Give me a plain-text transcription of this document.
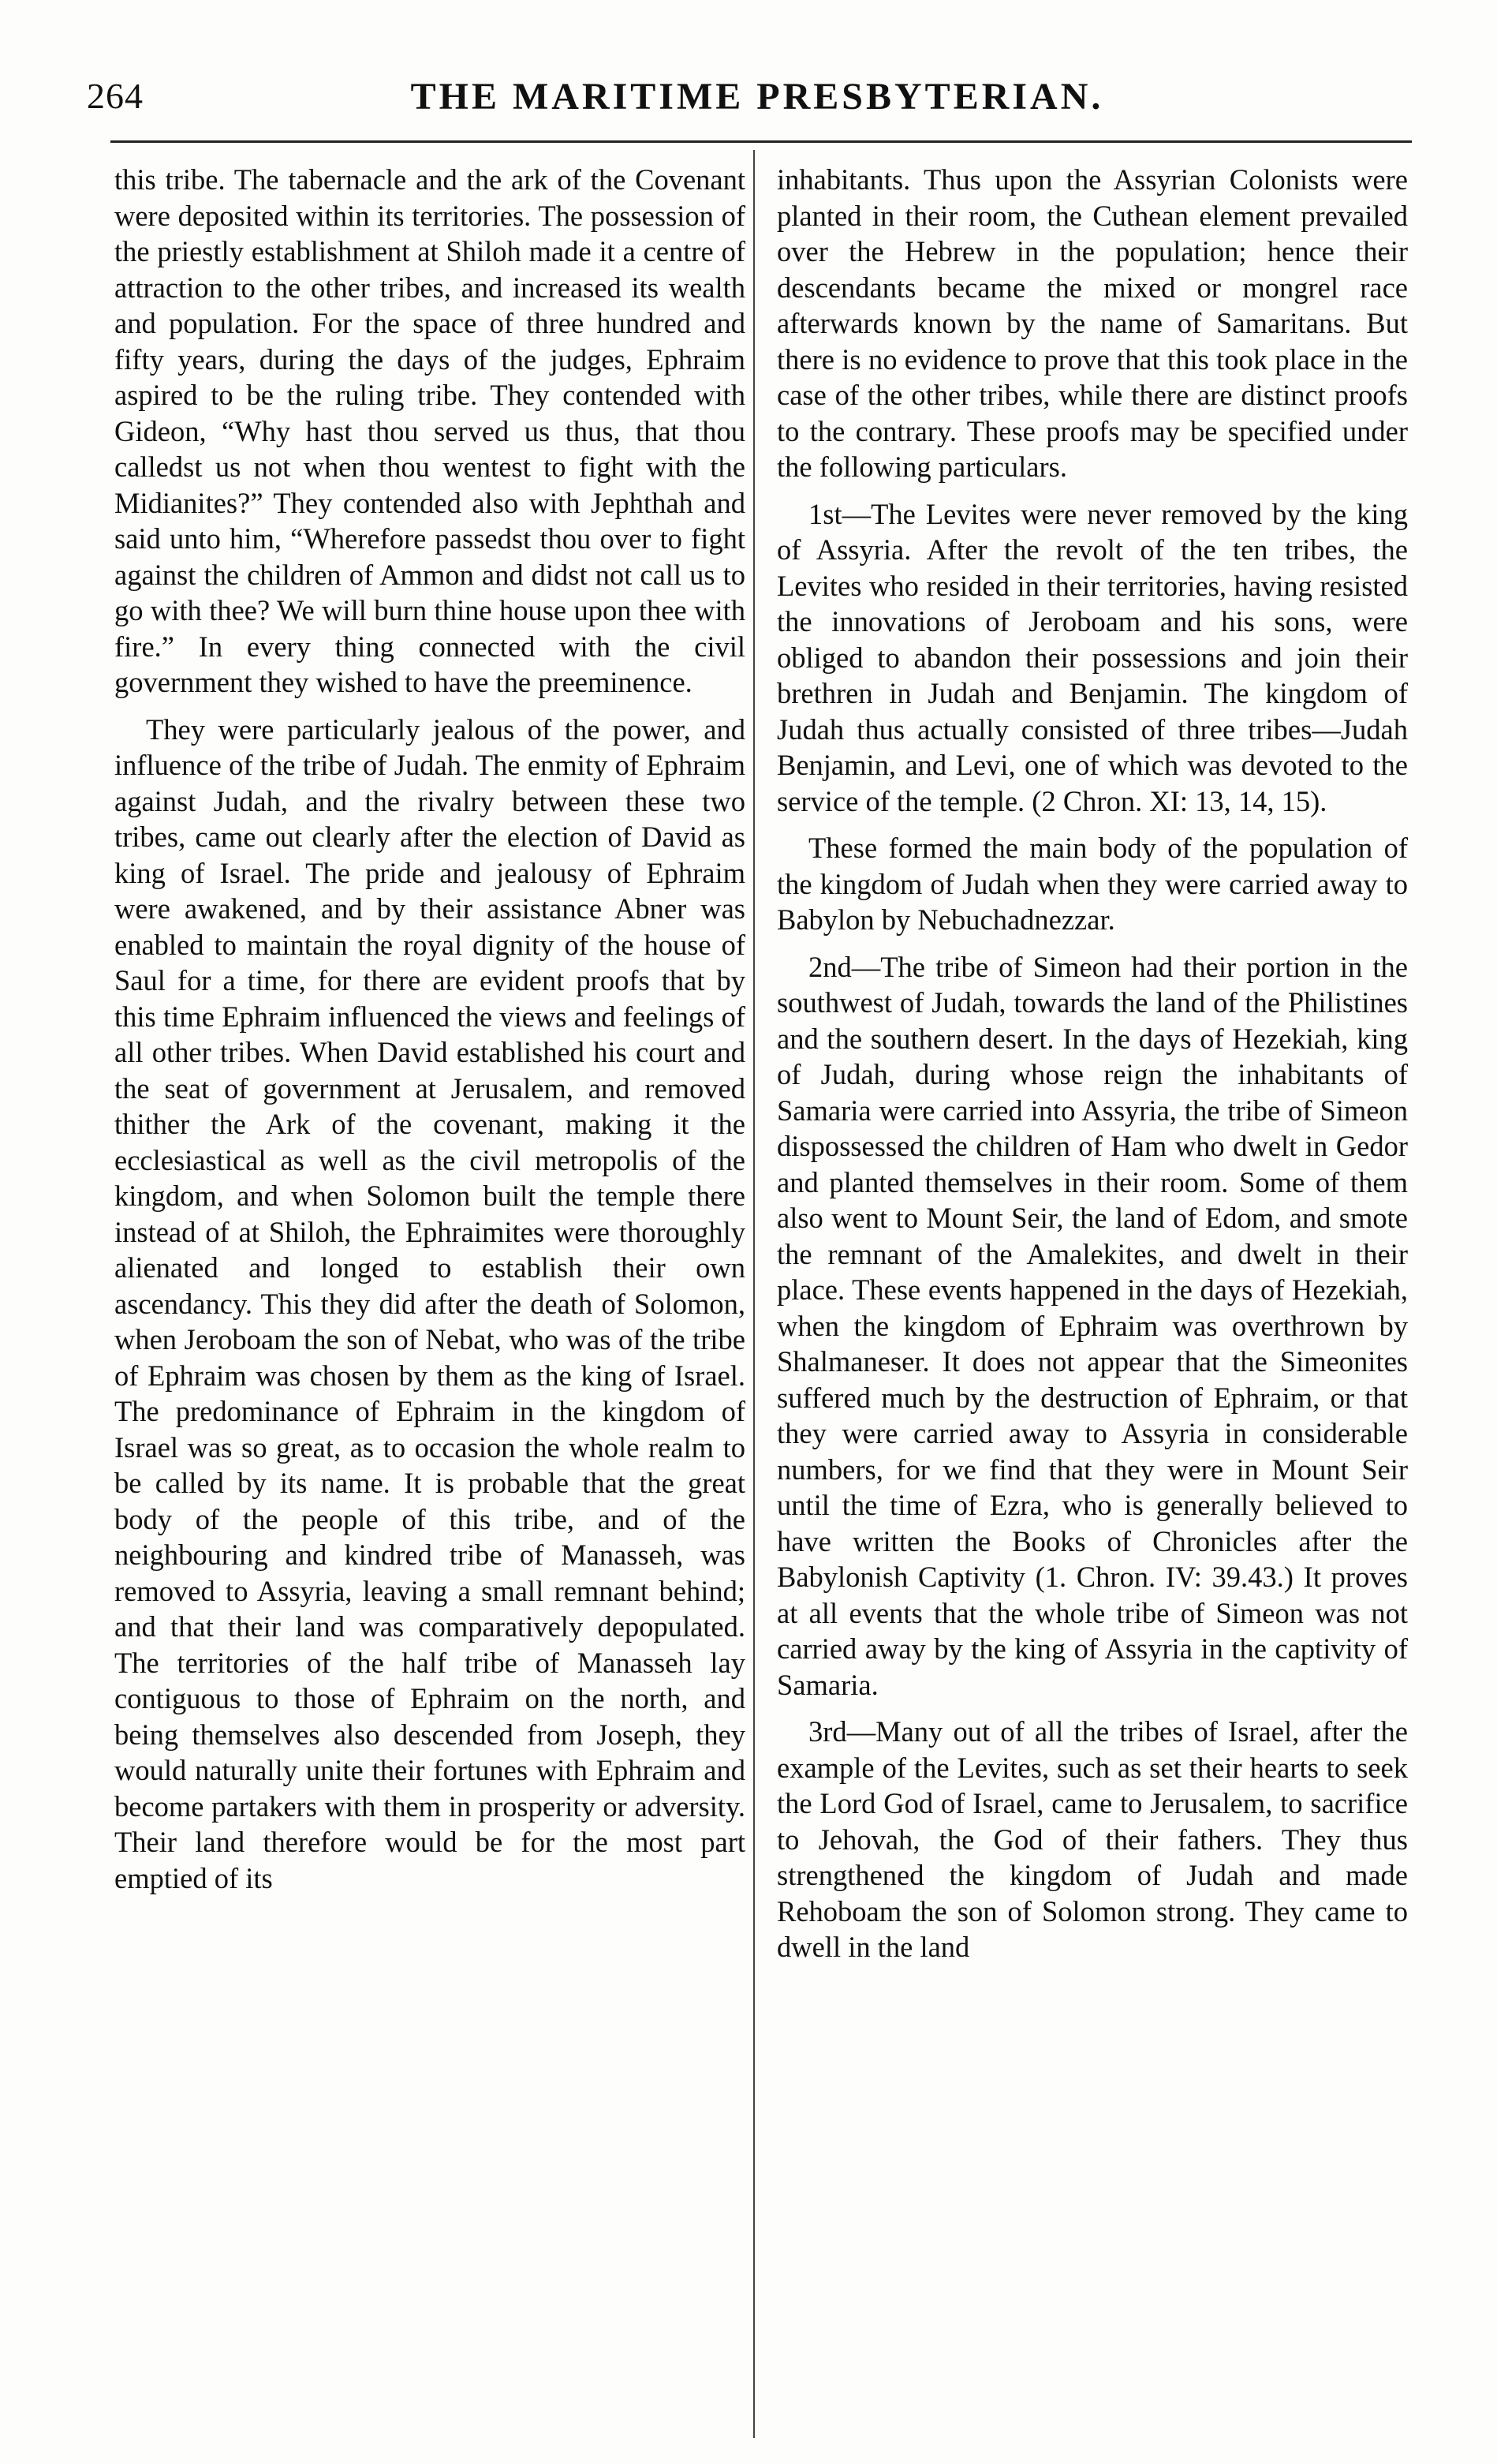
264	THE MARITIME PRESBYTERIAN.

this tribe. The tabernacle and the ark of the Covenant were deposited within its territories. The possession of the priestly establishment at Shiloh made it a centre of attraction to the other tribes, and increased its wealth and population. For the space of three hundred and fifty years, during the days of the judges, Ephraim aspired to be the ruling tribe. They contended with Gideon, “Why hast thou served us thus, that thou calledst us not when thou wentest to fight with the Midianites?” They contended also with Jephthah and said unto him, “Wherefore passedst thou over to fight against the children of Ammon and didst not call us to go with thee? We will burn thine house upon thee with fire.” In every thing connected with the civil government they wished to have the preeminence.

They were particularly jealous of the power, and influence of the tribe of Judah. The enmity of Ephraim against Judah, and the rivalry between these two tribes, came out clearly after the election of David as king of Israel. The pride and jealousy of Ephraim were awakened, and by their assistance Abner was enabled to maintain the royal dignity of the house of Saul for a time, for there are evident proofs that by this time Ephraim influenced the views and feelings of all other tribes. When David established his court and the seat of government at Jerusalem, and removed thither the Ark of the covenant, making it the ecclesiastical as well as the civil metropolis of the kingdom, and when Solomon built the temple there instead of at Shiloh, the Ephraimites were thoroughly alienated and longed to establish their own ascendancy. This they did after the death of Solomon, when Jeroboam the son of Nebat, who was of the tribe of Ephraim was chosen by them as the king of Israel. The predominance of Ephraim in the kingdom of Israel was so great, as to occasion the whole realm to be called by its name. It is probable that the great body of the people of this tribe, and of the neighbouring and kindred tribe of Manasseh, was removed to Assyria, leaving a small remnant behind; and that their land was comparatively depopulated. The territories of the half tribe of Manasseh lay contiguous to those of Ephraim on the north, and being themselves also descended from Joseph, they would naturally unite their fortunes with Ephraim and become partakers with them in prosperity or adversity. Their land therefore would be for the most part emptied of its

inhabitants. Thus upon the Assyrian Colonists were planted in their room, the Cuthean element prevailed over the Hebrew in the population; hence their descendants became the mixed or mongrel race afterwards known by the name of Samaritans. But there is no evidence to prove that this took place in the case of the other tribes, while there are distinct proofs to the contrary. These proofs may be specified under the following particulars.

1st—The Levites were never removed by the king of Assyria. After the revolt of the ten tribes, the Levites who resided in their territories, having resisted the innovations of Jeroboam and his sons, were obliged to abandon their possessions and join their brethren in Judah and Benjamin. The kingdom of Judah thus actually consisted of three tribes—Judah Benjamin, and Levi, one of which was devoted to the service of the temple. (2 Chron. XI: 13, 14, 15).

These formed the main body of the population of the kingdom of Judah when they were carried away to Babylon by Nebuchadnezzar.

2nd—The tribe of Simeon had their portion in the southwest of Judah, towards the land of the Philistines and the southern desert. In the days of Hezekiah, king of Judah, during whose reign the inhabitants of Samaria were carried into Assyria, the tribe of Simeon dispossessed the children of Ham who dwelt in Gedor and planted themselves in their room. Some of them also went to Mount Seir, the land of Edom, and smote the remnant of the Amalekites, and dwelt in their place. These events happened in the days of Hezekiah, when the kingdom of Ephraim was overthrown by Shalmaneser. It does not appear that the Simeonites suffered much by the destruction of Ephraim, or that they were carried away to Assyria in considerable numbers, for we find that they were in Mount Seir until the time of Ezra, who is generally believed to have written the Books of Chronicles after the Babylonish Captivity (1. Chron. IV: 39.43.) It proves at all events that the whole tribe of Simeon was not carried away by the king of Assyria in the captivity of Samaria.

3rd—Many out of all the tribes of Israel, after the example of the Levites, such as set their hearts to seek the Lord God of Israel, came to Jerusalem, to sacrifice to Jehovah, the God of their fathers. They thus strengthened the kingdom of Judah and made Rehoboam the son of Solomon strong. They came to dwell in the land
